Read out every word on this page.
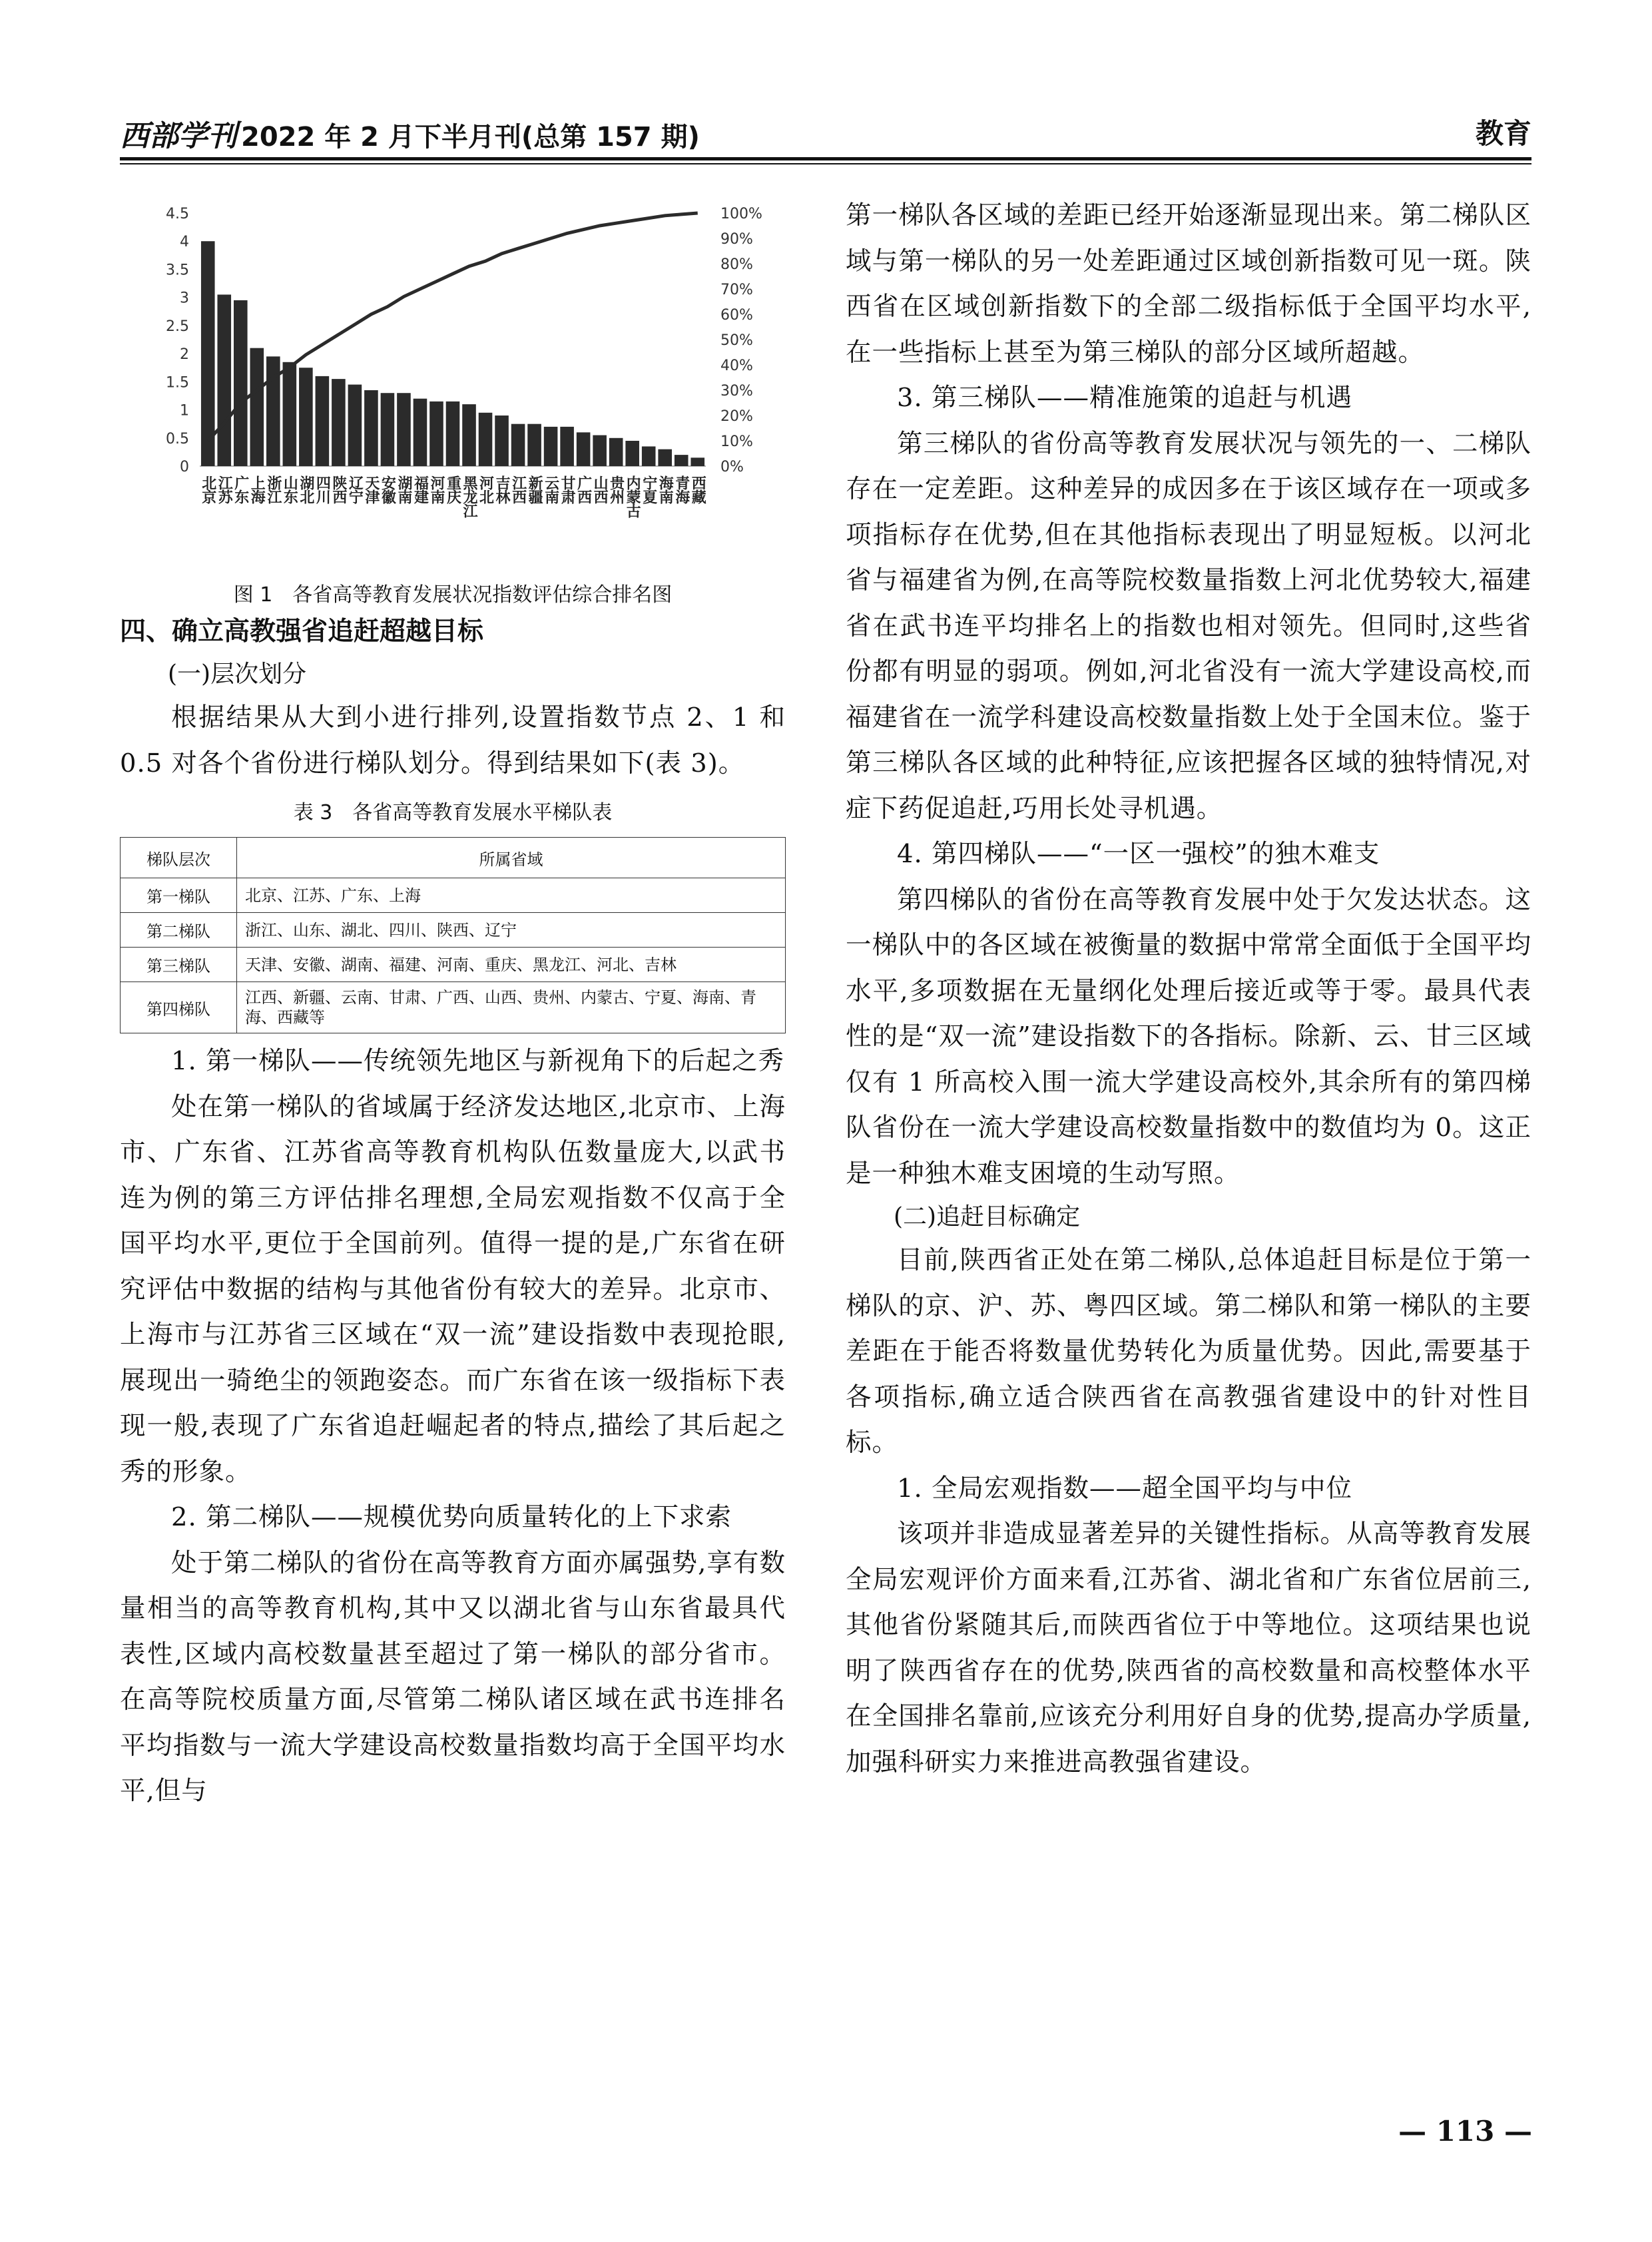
西部学刊 2022 年 2 月下半月刊(总第 157 期)	教育
0
0.5
1
1.5
2
2.5
3
3.5
4
4.5
0%
10%
20%
30%
40%
50%
60%
70%
80%
90%
100%
北京 江苏 广东 上海 浙江 山东 湖北 四川 陕西 辽宁 天津 安徽 湖南 福建 河南 重庆 黑龙江 河北 吉林 江西 新疆 云南 甘肃 广西 山西 贵州 内蒙古 宁夏 海南 青海 西藏

图 1　各省高等教育发展状况指数评估综合排名图

四、确立高教强省追赶超越目标

(一)层次划分

根据结果从大到小进行排列,设置指数节点 2、1 和 0.5 对各个省份进行梯队划分。得到结果如下(表 3)。

表 3　各省高等教育发展水平梯队表

梯队层次	所属省域
第一梯队	北京、江苏、广东、上海
第二梯队	浙江、山东、湖北、四川、陕西、辽宁
第三梯队	天津、安徽、湖南、福建、河南、重庆、黑龙江、河北、吉林
第四梯队	江西、新疆、云南、甘肃、广西、山西、贵州、内蒙古、宁夏、海南、青海、西藏等

1. 第一梯队——传统领先地区与新视角下的后起之秀

处在第一梯队的省域属于经济发达地区,北京市、上海市、广东省、江苏省高等教育机构队伍数量庞大,以武书连为例的第三方评估排名理想,全局宏观指数不仅高于全国平均水平,更位于全国前列。值得一提的是,广东省在研究评估中数据的结构与其他省份有较大的差异。北京市、上海市与江苏省三区域在“双一流”建设指数中表现抢眼,展现出一骑绝尘的领跑姿态。而广东省在该一级指标下表现一般,表现了广东省追赶崛起者的特点,描绘了其后起之秀的形象。

2. 第二梯队——规模优势向质量转化的上下求索

处于第二梯队的省份在高等教育方面亦属强势,享有数量相当的高等教育机构,其中又以湖北省与山东省最具代表性,区域内高校数量甚至超过了第一梯队的部分省市。在高等院校质量方面,尽管第二梯队诸区域在武书连排名平均指数与一流大学建设高校数量指数均高于全国平均水平,但与

第一梯队各区域的差距已经开始逐渐显现出来。第二梯队区域与第一梯队的另一处差距通过区域创新指数可见一斑。陕西省在区域创新指数下的全部二级指标低于全国平均水平,在一些指标上甚至为第三梯队的部分区域所超越。

3. 第三梯队——精准施策的追赶与机遇

第三梯队的省份高等教育发展状况与领先的一、二梯队存在一定差距。这种差异的成因多在于该区域存在一项或多项指标存在优势,但在其他指标表现出了明显短板。以河北省与福建省为例,在高等院校数量指数上河北优势较大,福建省在武书连平均排名上的指数也相对领先。但同时,这些省份都有明显的弱项。例如,河北省没有一流大学建设高校,而福建省在一流学科建设高校数量指数上处于全国末位。鉴于第三梯队各区域的此种特征,应该把握各区域的独特情况,对症下药促追赶,巧用长处寻机遇。

4. 第四梯队——“一区一强校”的独木难支

第四梯队的省份在高等教育发展中处于欠发达状态。这一梯队中的各区域在被衡量的数据中常常全面低于全国平均水平,多项数据在无量纲化处理后接近或等于零。最具代表性的是“双一流”建设指数下的各指标。除新、云、甘三区域仅有 1 所高校入围一流大学建设高校外,其余所有的第四梯队省份在一流大学建设高校数量指数中的数值均为 0。这正是一种独木难支困境的生动写照。

(二)追赶目标确定

目前,陕西省正处在第二梯队,总体追赶目标是位于第一梯队的京、沪、苏、粤四区域。第二梯队和第一梯队的主要差距在于能否将数量优势转化为质量优势。因此,需要基于各项指标,确立适合陕西省在高教强省建设中的针对性目标。

1. 全局宏观指数——超全国平均与中位

该项并非造成显著差异的关键性指标。从高等教育发展全局宏观评价方面来看,江苏省、湖北省和广东省位居前三,其他省份紧随其后,而陕西省位于中等地位。这项结果也说明了陕西省存在的优势,陕西省的高校数量和高校整体水平在全国排名靠前,应该充分利用好自身的优势,提高办学质量,加强科研实力来推进高教强省建设。

— 113 —
